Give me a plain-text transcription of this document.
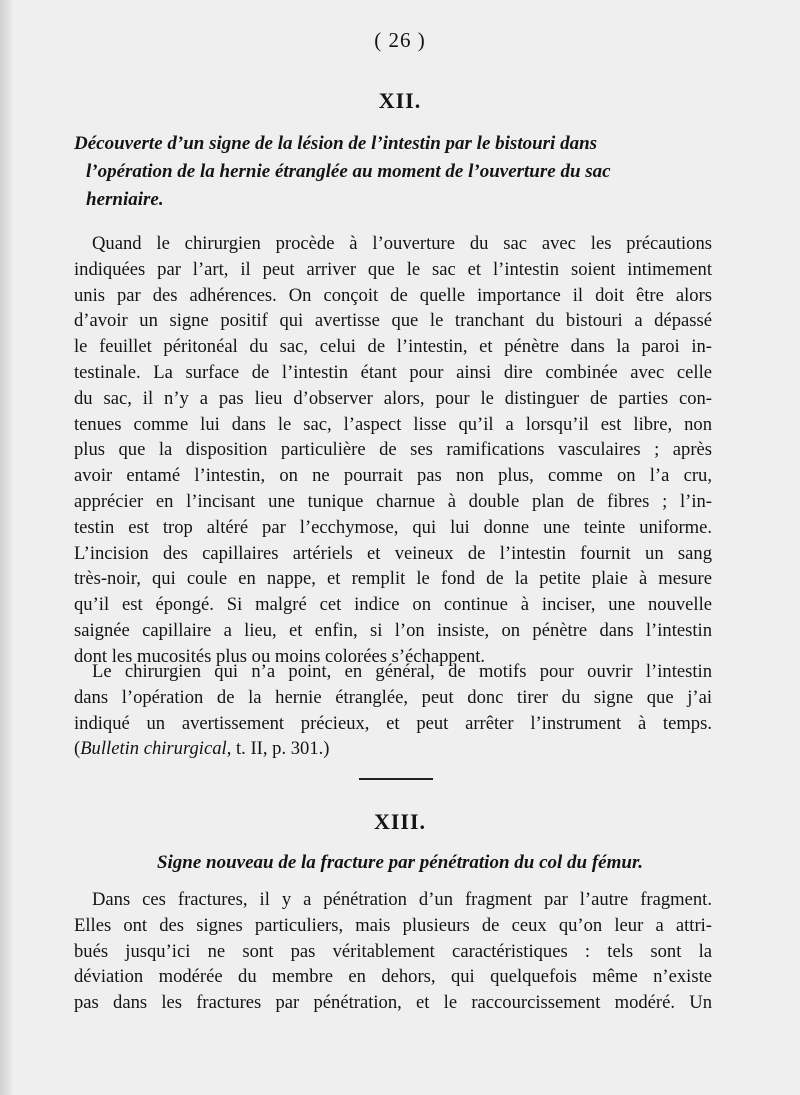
( 26 )
XII.
Découverte d’un signe de la lésion de l’intestin par le bistouri dans

l’opération de la hernie étranglée au moment de l’ouverture du sac
herniaire.
Quand le chirurgien procède à l’ouverture du sac avec les précautions
indiquées par l’art, il peut arriver que le sac et l’intestin soient intimement
unis par des adhérences. On conçoit de quelle importance il doit être alors
d’avoir un signe positif qui avertisse que le tranchant du bistouri a dépassé
le feuillet péritonéal du sac, celui de l’intestin, et pénètre dans la paroi in-
testinale. La surface de l’intestin étant pour ainsi dire combinée avec celle
du sac, il n’y a pas lieu d’observer alors, pour le distinguer de parties con-
tenues comme lui dans le sac, l’aspect lisse qu’il a lorsqu’il est libre, non
plus que la disposition particulière de ses ramifications vasculaires ; après
avoir entamé l’intestin, on ne pourrait pas non plus, comme on l’a cru,
apprécier en l’incisant une tunique charnue à double plan de fibres ; l’in-
testin est trop altéré par l’ecchymose, qui lui donne une teinte uniforme.
L’incision des capillaires artériels et veineux de l’intestin fournit un sang
très-noir, qui coule en nappe, et remplit le fond de la petite plaie à mesure
qu’il est épongé. Si malgré cet indice on continue à inciser, une nouvelle
saignée capillaire a lieu, et enfin, si l’on insiste, on pénètre dans l’intestin
dont les mucosités plus ou moins colorées s’échappent.
Le chirurgien qui n’a point, en général, de motifs pour ouvrir l’intestin
dans l’opération de la hernie étranglée, peut donc tirer du signe que j’ai
indiqué un avertissement précieux, et peut arrêter l’instrument à temps.
(Bulletin chirurgical, t. II, p. 301.)
XIII.
Signe nouveau de la fracture par pénétration du col du fémur.
Dans ces fractures, il y a pénétration d’un fragment par l’autre fragment.
Elles ont des signes particuliers, mais plusieurs de ceux qu’on leur a attri-
bués jusqu’ici ne sont pas véritablement caractéristiques : tels sont la
déviation modérée du membre en dehors, qui quelquefois même n’existe
pas dans les fractures par pénétration, et le raccourcissement modéré. Un
